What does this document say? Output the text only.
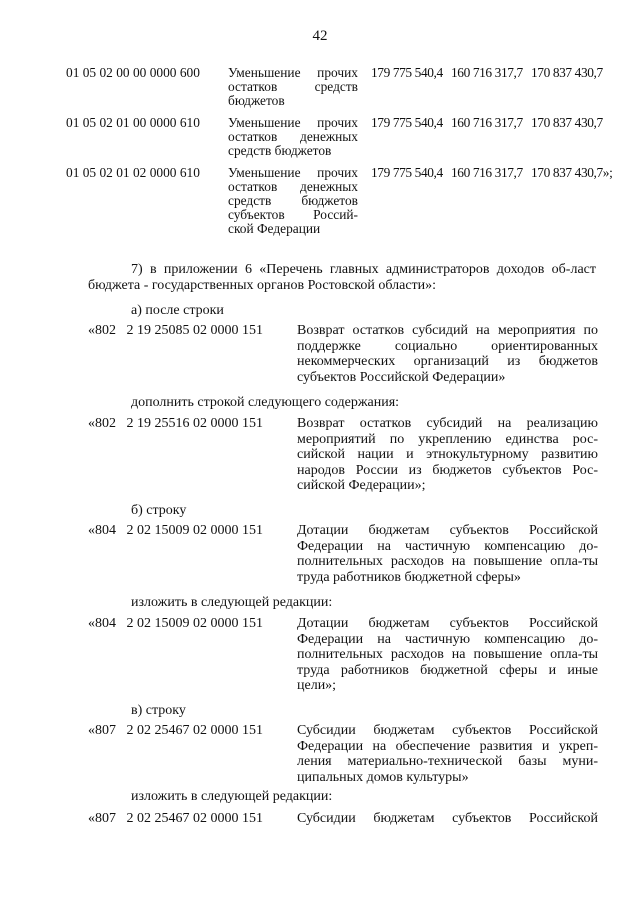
42
01 05 02 00 00 0000 600 Уменьшение прочих остатков средств бюджетов
179 775 540,4 160 716 317,7 170 837 430,7
01 05 02 01 00 0000 610 Уменьшение прочих остатков денежных средств бюджетов
179 775 540,4 160 716 317,7 170 837 430,7
01 05 02 01 02 0000 610 Уменьшение прочих остатков денежных средств бюджетов субъектов Россий-ской Федерации
179 775 540,4 160 716 317,7 170 837 430,7»;
7) в приложении 6 «Перечень главных администраторов доходов об-ласт бюджета - государственных органов Ростовской области»:
а) после строки
«802   2 19 25085 02 0000 151 Возврат остатков субсидий на мероприятия по поддержке социально ориентированных некоммерческих организаций из бюджетов субъектов Российской Федерации»
дополнить строкой следующего содержания:
«802   2 19 25516 02 0000 151 Возврат остатков субсидий на реализацию мероприятий по укреплению единства рос-сийской нации и этнокультурному развитию народов России из бюджетов субъектов Рос-сийской Федерации»;
б) строку
«804   2 02 15009 02 0000 151 Дотации бюджетам субъектов Российской Федерации на частичную компенсацию до-полнительных расходов на повышение опла-ты труда работников бюджетной сферы»
изложить в следующей редакции:
«804   2 02 15009 02 0000 151 Дотации бюджетам субъектов Российской Федерации на частичную компенсацию до-полнительных расходов на повышение опла-ты труда работников бюджетной сферы и иные цели»;
в) строку
«807   2 02 25467 02 0000 151 Субсидии бюджетам субъектов Российской Федерации на обеспечение развития и укреп-ления материально-технической базы муни-ципальных домов культуры»
изложить в следующей редакции:
«807   2 02 25467 02 0000 151 Субсидии бюджетам субъектов Российской
